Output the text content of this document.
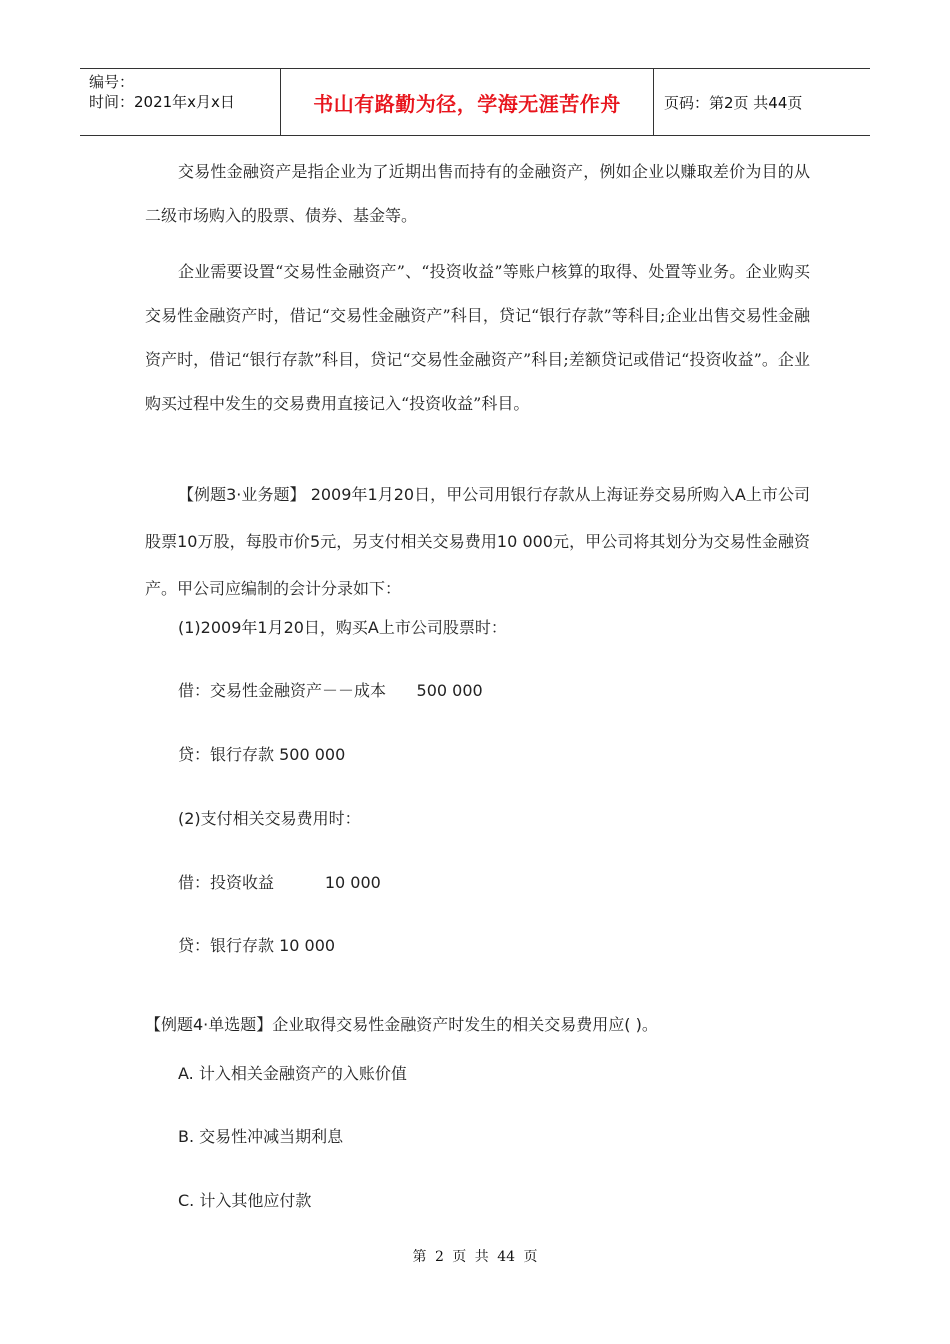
编号：
时间：2021年x月x日	书山有路勤为径，学海无涯苦作舟	页码：第2页 共44页

交易性金融资产是指企业为了近期出售而持有的金融资产，例如企业以赚取差价为目的从二级市场购入的股票、债券、基金等。

企业需要设置“交易性金融资产”、“投资收益”等账户核算的取得、处置等业务。企业购买交易性金融资产时，借记“交易性金融资产”科目，贷记“银行存款”等科目;企业出售交易性金融资产时，借记“银行存款”科目，贷记“交易性金融资产”科目;差额贷记或借记“投资收益”。企业购买过程中发生的交易费用直接记入“投资收益”科目。

【例题3·业务题】 2009年1月20日，甲公司用银行存款从上海证券交易所购入A上市公司股票10万股，每股市价5元，另支付相关交易费用10 000元，甲公司将其划分为交易性金融资产。甲公司应编制的会计分录如下：

(1)2009年1月20日，购买A上市公司股票时：

借：交易性金融资产－－成本      500 000

贷：银行存款 500 000

(2)支付相关交易费用时：

借：投资收益          10 000

贷：银行存款 10 000

【例题4·单选题】企业取得交易性金融资产时发生的相关交易费用应( )。

A. 计入相关金融资产的入账价值

B. 交易性冲减当期利息

C. 计入其他应付款

第 2 页 共 44 页
